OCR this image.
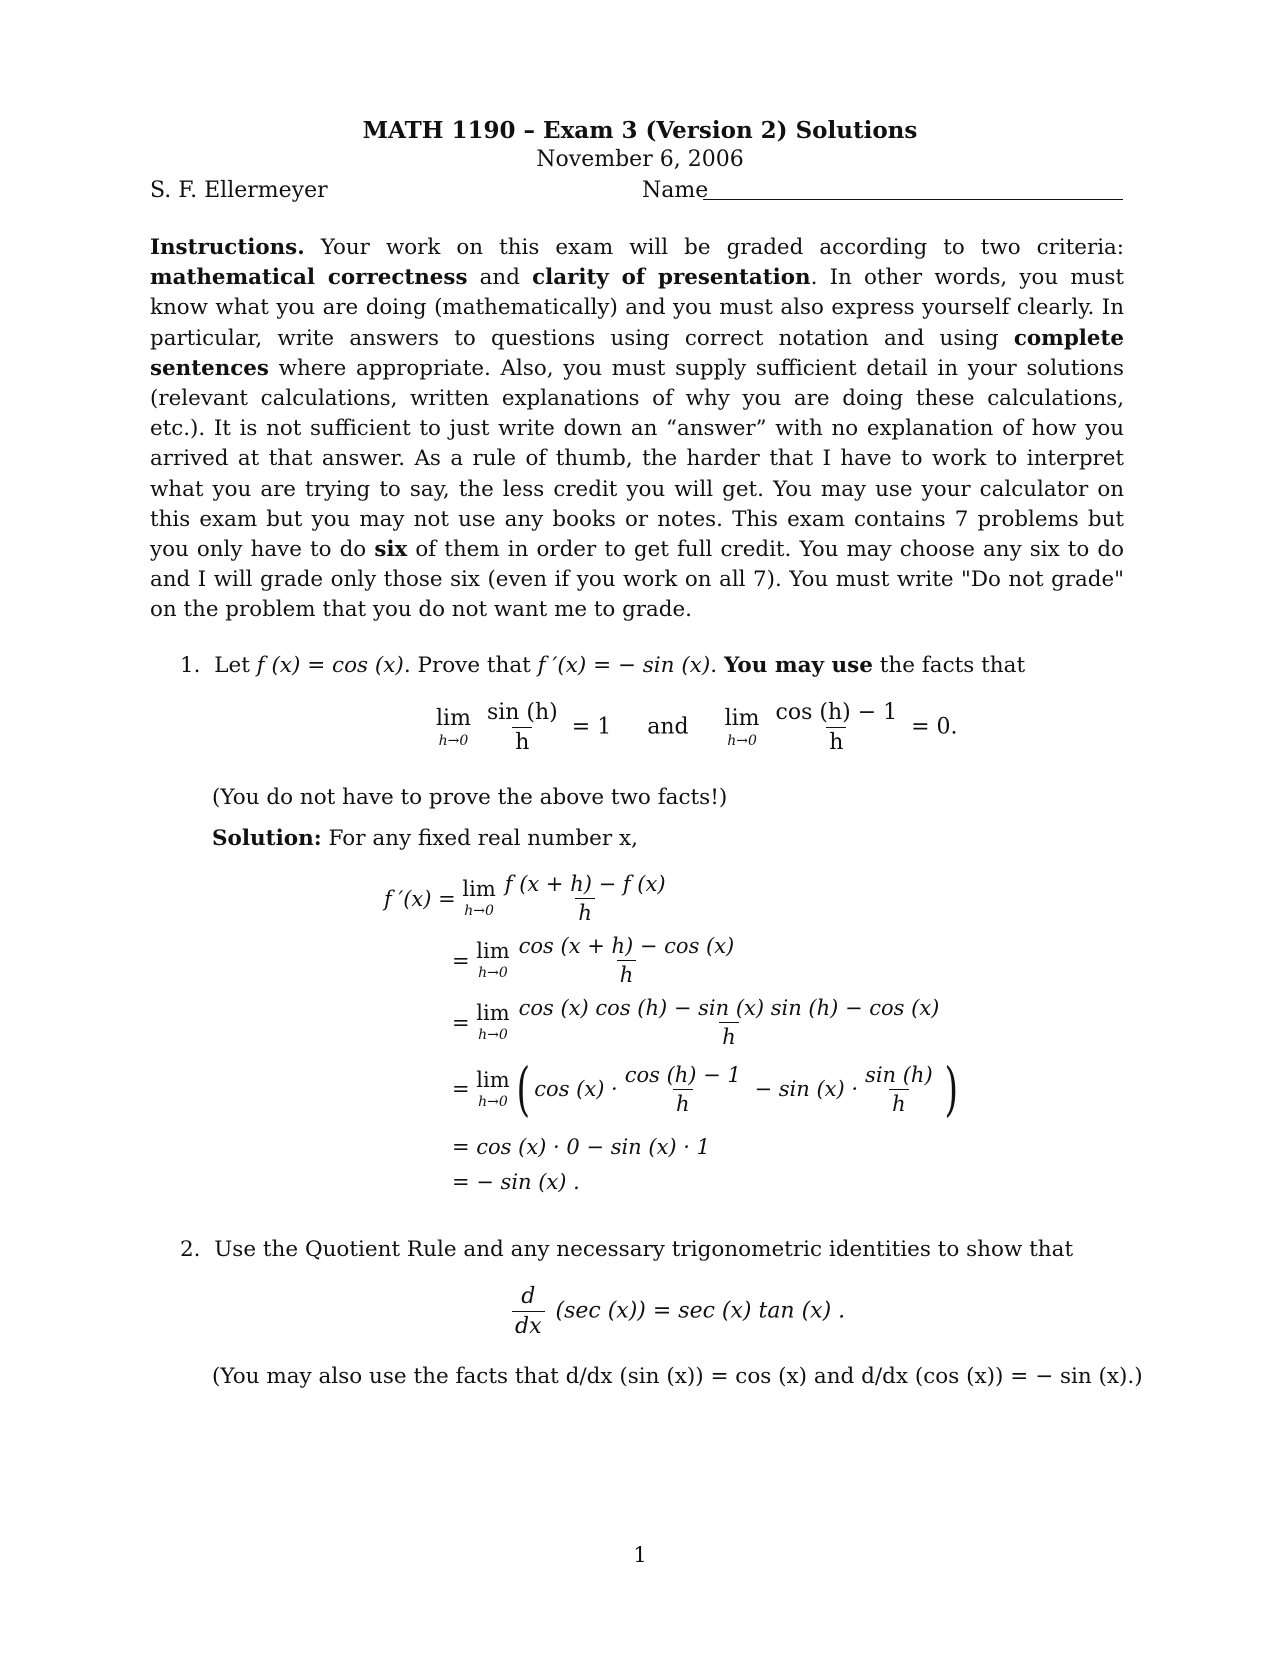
MATH 1190 – Exam 3 (Version 2) Solutions
November 6, 2006
S. F. Ellermeyer	Name
Instructions. Your work on this exam will be graded according to two criteria: mathematical correctness and clarity of presentation. In other words, you must know what you are doing (mathematically) and you must also express yourself clearly. In particular, write answers to questions using correct notation and using complete sentences where appropriate. Also, you must supply sufficient detail in your solutions (relevant calculations, written explanations of why you are doing these calculations, etc.). It is not sufficient to just write down an “answer” with no explanation of how you arrived at that answer. As a rule of thumb, the harder that I have to work to interpret what you are trying to say, the less credit you will get. You may use your calculator on this exam but you may not use any books or notes. This exam contains 7 problems but you only have to do six of them in order to get full credit. You may choose any six to do and I will grade only those six (even if you work on all 7). You must write "Do not grade" on the problem that you do not want me to grade.
1. Let f (x) = cos (x). Prove that f ′(x) = − sin (x). You may use the facts that
lim
h→0
$\frac{\sin (h)}{h} = 1$ and lim
h→0
$\frac{\cos (h) - 1}{h} = 0$.
(You do not have to prove the above two facts!)
Solution: For any fixed real number x,
f ′(x) =
lim
$h\to 0 \frac{f (x + h) - f (x)}{h}$
=
lim
$h\to 0 \frac{\cos (x + h) - \cos (x)}{h}$
=
lim
$h\to 0 \frac{\cos (x) \cos (h) - \sin (x) \sin (h) - \cos (x)}{h}$
=
lim
h→0 ( $\cos (x) \cdot \frac{\cos (h) - 1}{h}$
− $\sin (x) \cdot \frac{\sin (h)}{h}$ )
= cos (x) · 0 − sin (x) · 1
= − sin (x) .
2. Use the Quotient Rule and any necessary trigonometric identities to show that
$\frac{d}{dx} (\sec$ (x)) = sec (x) tan (x) .
(You may also use the facts that d/dx (sin (x)) = cos (x) and d/dx (cos (x)) = − sin (x).)
1
